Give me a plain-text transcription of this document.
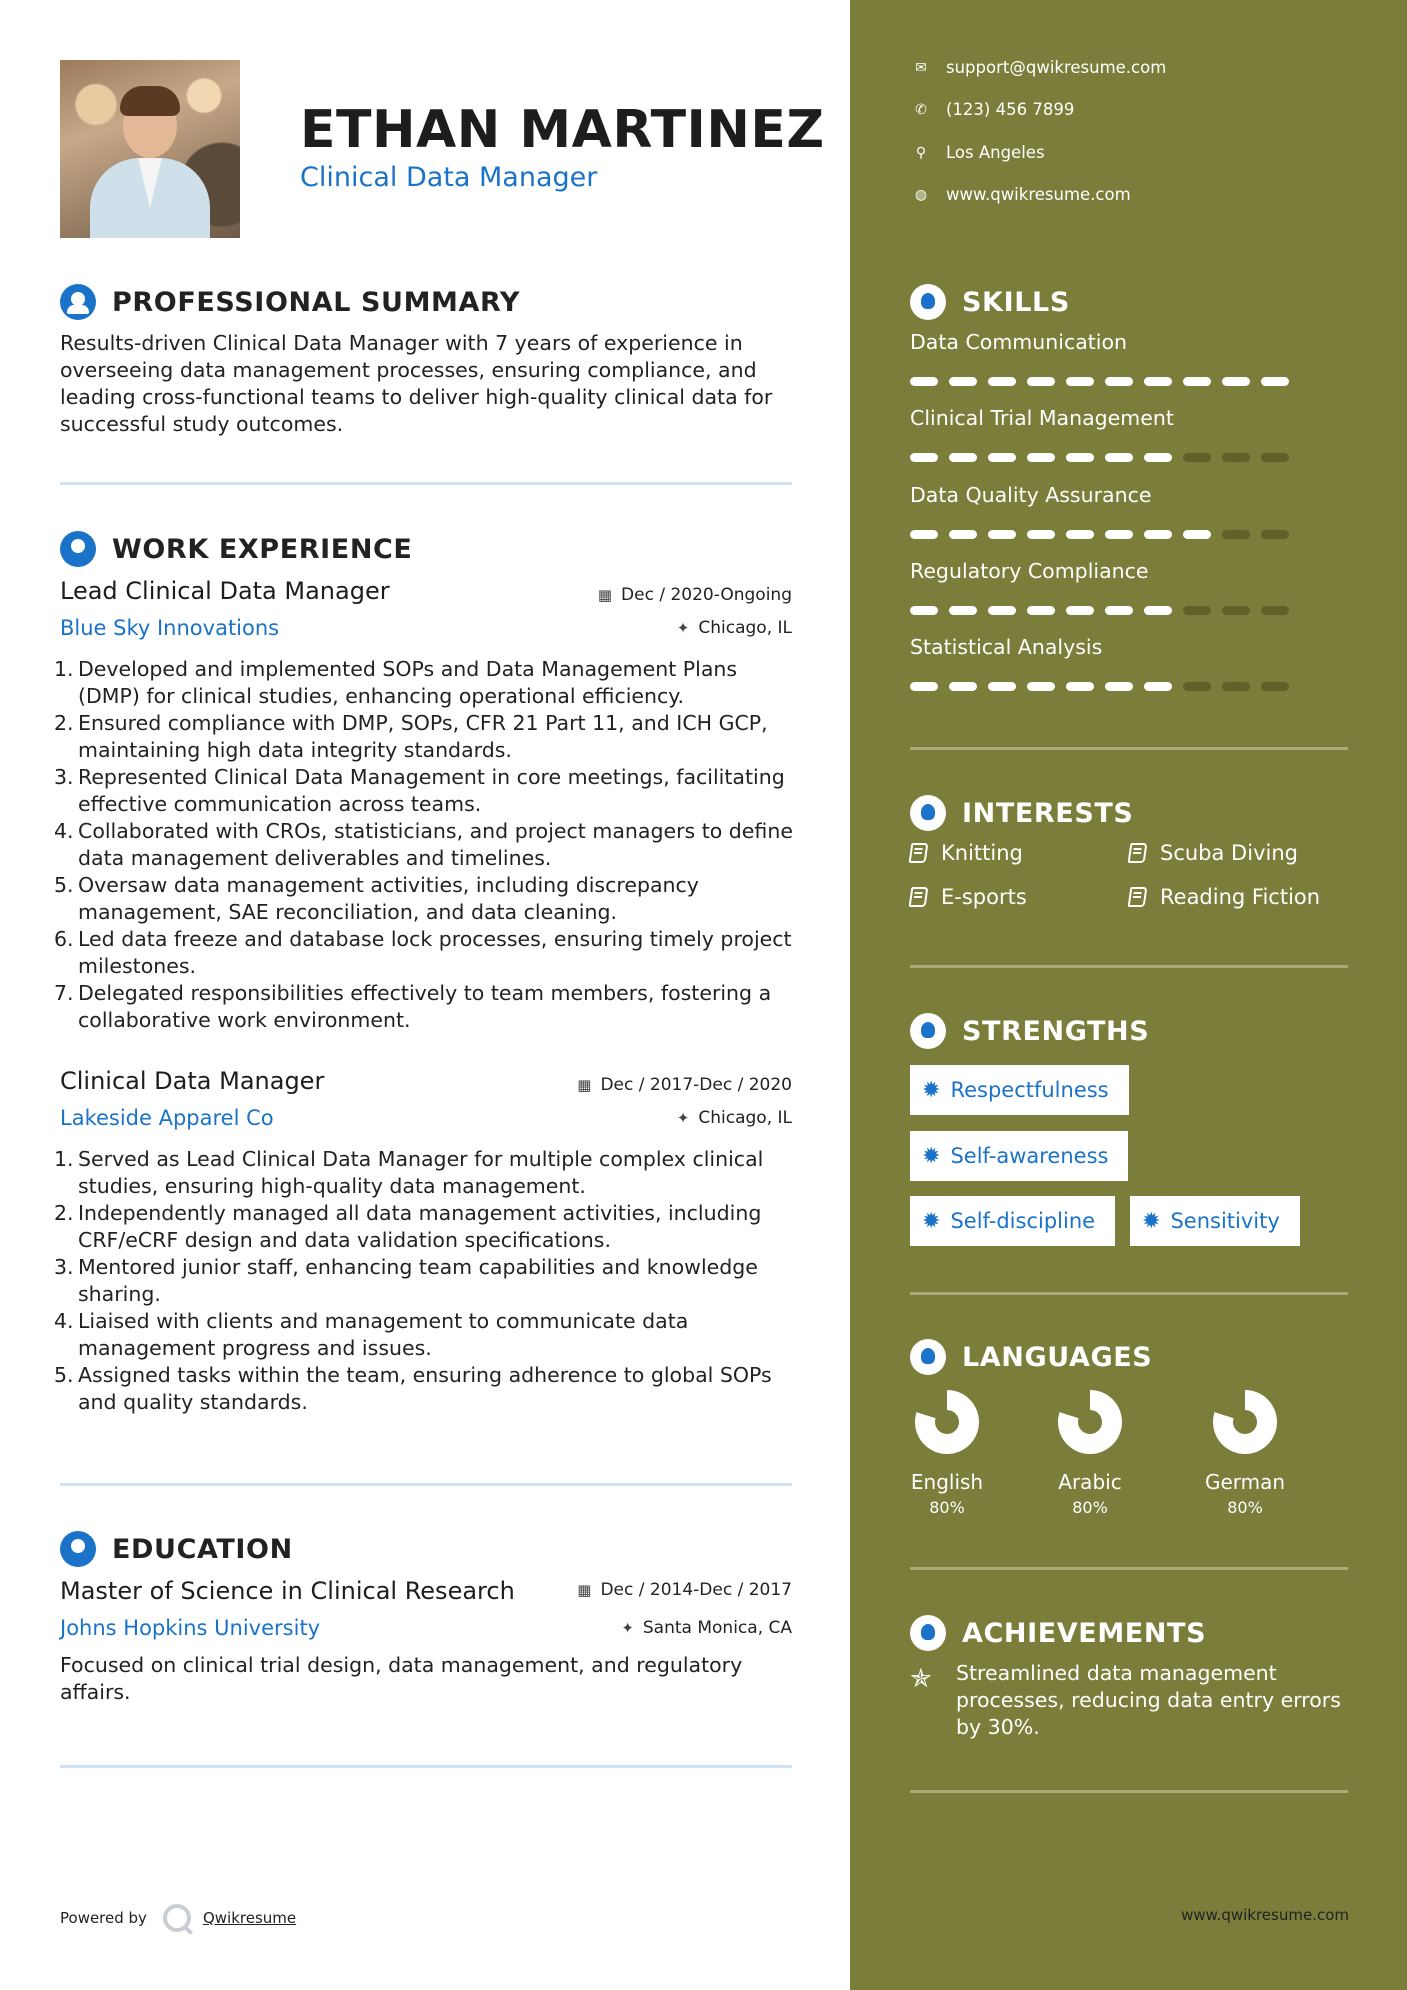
ETHAN MARTINEZ
Clinical Data Manager
PROFESSIONAL SUMMARY
Results-driven Clinical Data Manager with 7 years of experience in overseeing data management processes, ensuring compliance, and leading cross-functional teams to deliver high-quality clinical data for successful study outcomes.
WORK EXPERIENCE
Lead Clinical Data Manager	▦ Dec / 2020-Ongoing
Blue Sky Innovations	✦ Chicago, IL
1. Developed and implemented SOPs and Data Management Plans (DMP) for clinical studies, enhancing operational efficiency.
2. Ensured compliance with DMP, SOPs, CFR 21 Part 11, and ICH GCP, maintaining high data integrity standards.
3. Represented Clinical Data Management in core meetings, facilitating effective communication across teams.
4. Collaborated with CROs, statisticians, and project managers to define data management deliverables and timelines.
5. Oversaw data management activities, including discrepancy management, SAE reconciliation, and data cleaning.
6. Led data freeze and database lock processes, ensuring timely project milestones.
7. Delegated responsibilities effectively to team members, fostering a collaborative work environment.
Clinical Data Manager	▦ Dec / 2017-Dec / 2020
Lakeside Apparel Co	✦ Chicago, IL
1. Served as Lead Clinical Data Manager for multiple complex clinical studies, ensuring high-quality data management.
2. Independently managed all data management activities, including CRF/eCRF design and data validation specifications.
3. Mentored junior staff, enhancing team capabilities and knowledge sharing.
4. Liaised with clients and management to communicate data management progress and issues.
5. Assigned tasks within the team, ensuring adherence to global SOPs and quality standards.
EDUCATION
Master of Science in Clinical Research	▦ Dec / 2014-Dec / 2017
Johns Hopkins University	✦ Santa Monica, CA
Focused on clinical trial design, data management, and regulatory affairs.
Powered by	Qwikresume
✉	support@qwikresume.com
✆	(123) 456 7899
⚲	Los Angeles
◍ www.qwikresume.com
SKILLS
Data Communication
Clinical Trial Management
Data Quality Assurance
Regulatory Compliance
Statistical Analysis
INTERESTS
Knitting	Scuba Diving
E-sports	Reading Fiction
STRENGTHS
✹ Respectfulness
✹ Self-awareness
✹ Self-discipline ✹ Sensitivity
LANGUAGES
English
80%
Arabic
80%
German
80%
ACHIEVEMENTS
✯ Streamlined data management processes, reducing data entry errors by 30%.
www.qwikresume.com
